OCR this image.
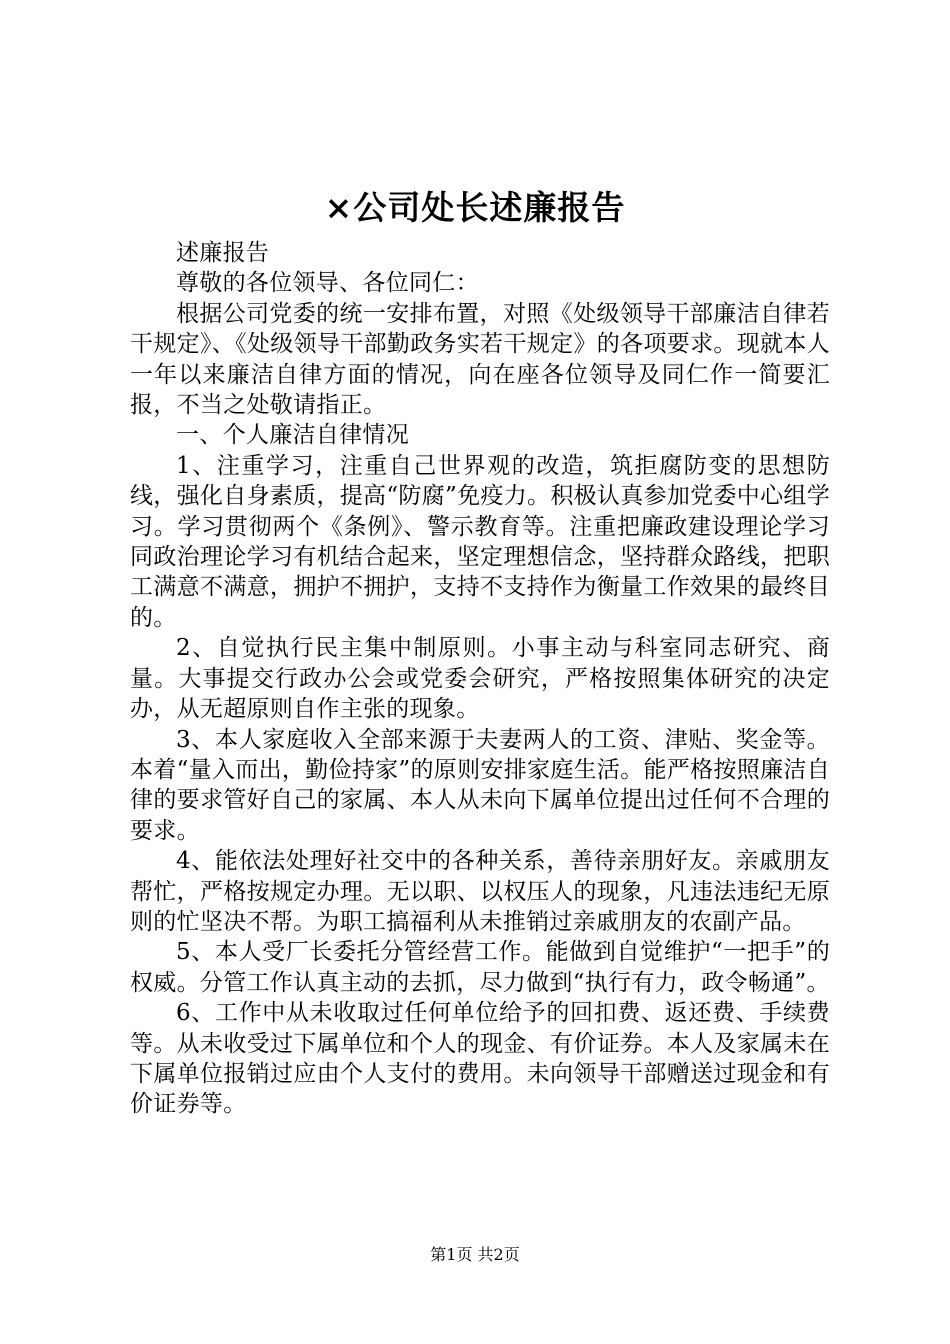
×公司处长述廉报告

述廉报告

尊敬的各位领导、各位同仁：

根据公司党委的统一安排布置，对照《处级领导干部廉洁自律若干规定》、《处级领导干部勤政务实若干规定》的各项要求。现就本人一年以来廉洁自律方面的情况，向在座各位领导及同仁作一简要汇报，不当之处敬请指正。

一、个人廉洁自律情况

1、注重学习，注重自己世界观的改造，筑拒腐防变的思想防线，强化自身素质，提高“防腐”免疫力。积极认真参加党委中心组学习。学习贯彻两个《条例》、警示教育等。注重把廉政建设理论学习同政治理论学习有机结合起来，坚定理想信念，坚持群众路线，把职工满意不满意，拥护不拥护，支持不支持作为衡量工作效果的最终目的。

2、自觉执行民主集中制原则。小事主动与科室同志研究、商量。大事提交行政办公会或党委会研究，严格按照集体研究的决定办，从无超原则自作主张的现象。

3、本人家庭收入全部来源于夫妻两人的工资、津贴、奖金等。本着“量入而出，勤俭持家”的原则安排家庭生活。能严格按照廉洁自律的要求管好自己的家属、本人从未向下属单位提出过任何不合理的要求。

4、能依法处理好社交中的各种关系，善待亲朋好友。亲戚朋友帮忙，严格按规定办理。无以职、以权压人的现象，凡违法违纪无原则的忙坚决不帮。为职工搞福利从未推销过亲戚朋友的农副产品。

5、本人受厂长委托分管经营工作。能做到自觉维护“一把手”的权威。分管工作认真主动的去抓，尽力做到“执行有力，政令畅通”。

6、工作中从未收取过任何单位给予的回扣费、返还费、手续费等。从未收受过下属单位和个人的现金、有价证券。本人及家属未在下属单位报销过应由个人支付的费用。未向领导干部赠送过现金和有价证券等。

第1页 共2页
